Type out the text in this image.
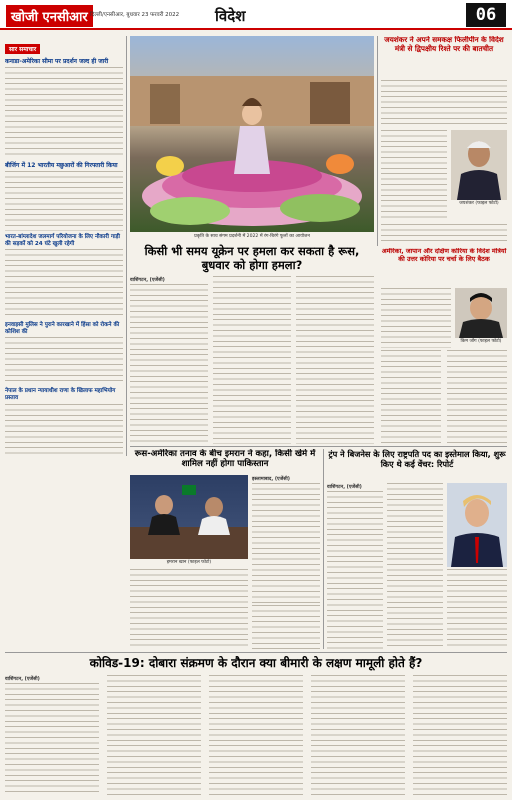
खोजी एनसीआर दिल्ली/एनसीआर, बुधवार 23 फरवरी 2022 विदेश	06
सार समाचार
कनाडा-अमेरिका सीमा पर प्रदर्शन जल्द ही जारी
बीजिंग में 12 भारतीय मछुआरों की गिरफ्तारी किया
भारत-बांग्लादेश जलमार्ग परियोजना के लिए नौकारी गाड़ी की सड़कों को 24 घंटे खुली रहेगी
इनवाइसी मुलिस ने पुराने कारखाने में हिंसा को रोकने की कोशिश की
नेपाल के प्रधान न्यायाधीश राणा के खिलाफ महाभियोग प्रस्ताव
प्रकृति के साथ संगम प्रदर्शनी में 2022 में रंग-बिरंगे फूलों का आयोजन
जयशंकर ने अपने समकक्ष फिलीपीन के विदेश मंत्री से द्विपक्षीय रिश्ते पर की बातचीत
जयशंकर (फाइल फोटो)
किसी भी समय यूक्रेन पर हमला कर सकता है रूस, बुधवार को होगा हमला?
वाशिंगटन, (एजेंसी)
अमेरिका, जापान और दक्षिण कोरिया के विदेश मंत्रियों की उत्तर कोरिया पर चर्चा के लिए बैठक
किम जोंग (फाइल फोटो)
रूस-अमेरिका तनाव के बीच इमरान ने कहा, किसी खेमे में शामिल नहीं होगा पाकिस्तान
इमरान खान (फाइल फोटो)
इस्लामाबाद, (एजेंसी)
ट्रंप ने बिजनेस के लिए राष्ट्रपति पद का इस्तेमाल किया, शुरू किए थे कई वेंचर: रिपोर्ट
वाशिंगटन, (एजेंसी)
कोविड-19: दोबारा संक्रमण के दौरान क्या बीमारी के लक्षण मामूली होते हैं?
वाशिंगटन, (एजेंसी)
